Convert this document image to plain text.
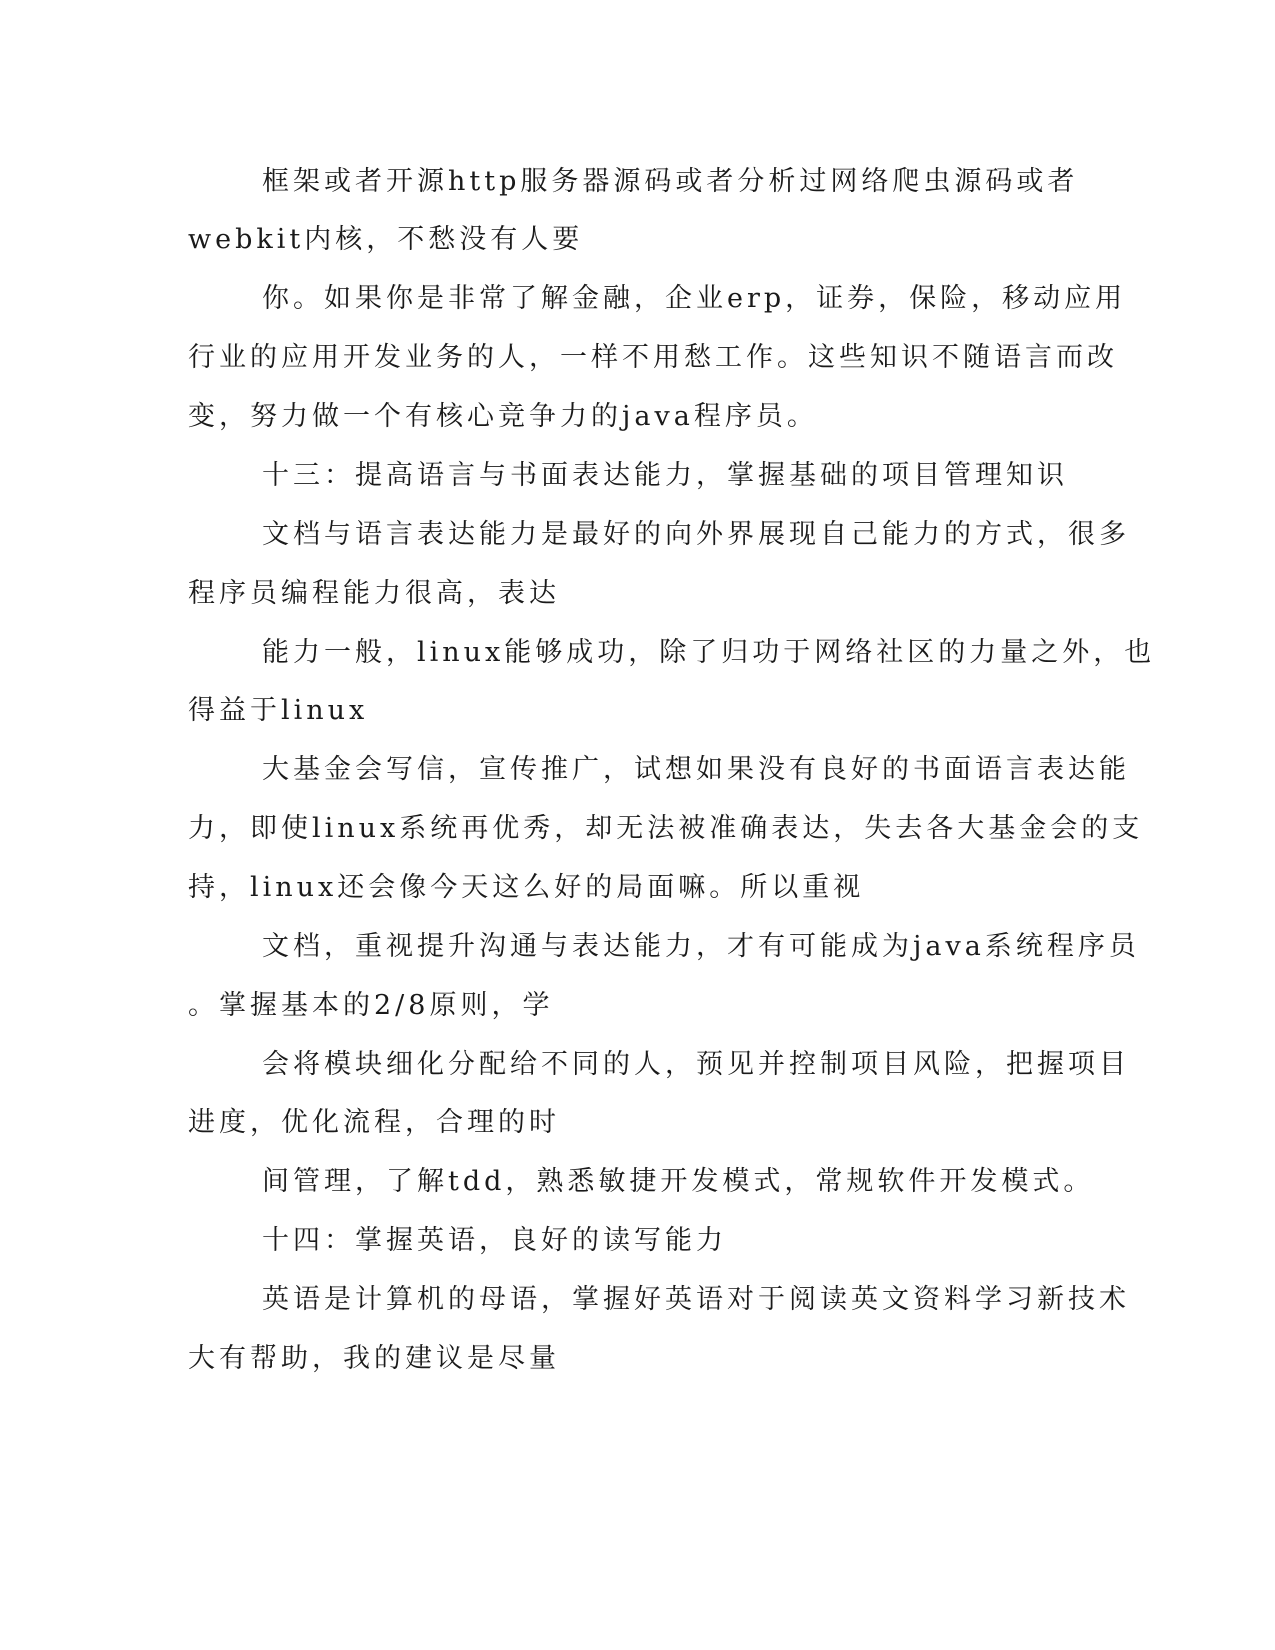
框架或者开源http服务器源码或者分析过网络爬虫源码或者
webkit内核，不愁没有人要
你。如果你是非常了解金融，企业erp，证券，保险，移动应用
行业的应用开发业务的人，一样不用愁工作。这些知识不随语言而改
变，努力做一个有核心竞争力的java程序员。
十三：提高语言与书面表达能力，掌握基础的项目管理知识
文档与语言表达能力是最好的向外界展现自己能力的方式，很多
程序员编程能力很高，表达
能力一般，linux能够成功，除了归功于网络社区的力量之外，也
得益于linux
大基金会写信，宣传推广，试想如果没有良好的书面语言表达能
力，即使linux系统再优秀，却无法被准确表达，失去各大基金会的支
持，linux还会像今天这么好的局面嘛。所以重视
文档，重视提升沟通与表达能力，才有可能成为java系统程序员
。掌握基本的2/8原则，学
会将模块细化分配给不同的人，预见并控制项目风险，把握项目
进度，优化流程，合理的时
间管理，了解tdd，熟悉敏捷开发模式，常规软件开发模式。
十四：掌握英语，良好的读写能力
英语是计算机的母语，掌握好英语对于阅读英文资料学习新技术
大有帮助，我的建议是尽量
